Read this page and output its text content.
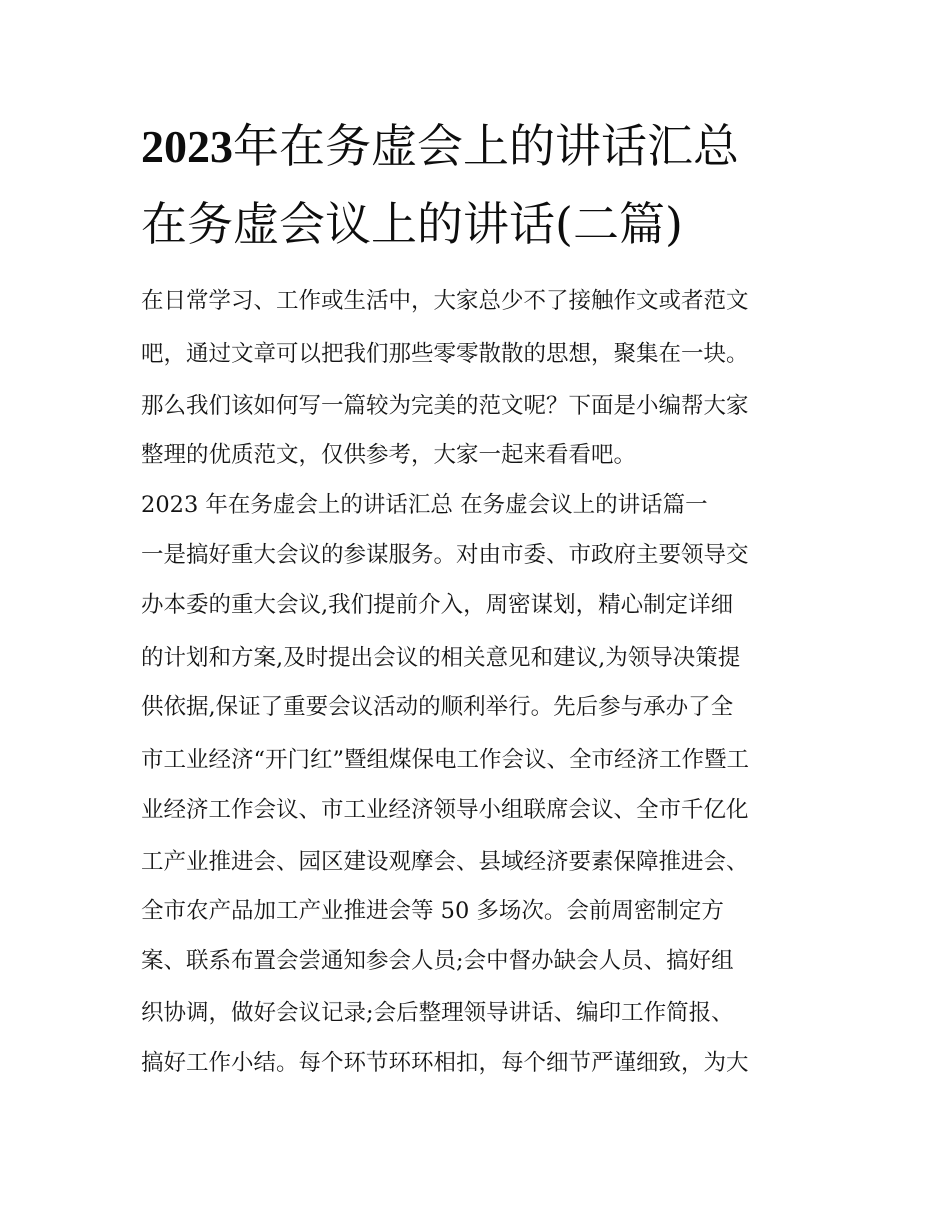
2023年在务虚会上的讲话汇总
在务虚会议上的讲话(二篇)
在日常学习、工作或生活中，大家总少不了接触作文或者范文
吧，通过文章可以把我们那些零零散散的思想，聚集在一块。
那么我们该如何写一篇较为完美的范文呢？下面是小编帮大家
整理的优质范文，仅供参考，大家一起来看看吧。
2023 年在务虚会上的讲话汇总 在务虚会议上的讲话篇一
一是搞好重大会议的参谋服务。对由市委、市政府主要领导交
办本委的重大会议,我们提前介入，周密谋划，精心制定详细
的计划和方案,及时提出会议的相关意见和建议,为领导决策提
供依据,保证了重要会议活动的顺利举行。先后参与承办了全
市工业经济“开门红”暨组煤保电工作会议、全市经济工作暨工
业经济工作会议、市工业经济领导小组联席会议、全市千亿化
工产业推进会、园区建设观摩会、县域经济要素保障推进会、
全市农产品加工产业推进会等 50 多场次。会前周密制定方
案、联系布置会尝通知参会人员;会中督办缺会人员、搞好组
织协调，做好会议记录;会后整理领导讲话、编印工作简报、
搞好工作小结。每个环节环环相扣，每个细节严谨细致，为大
